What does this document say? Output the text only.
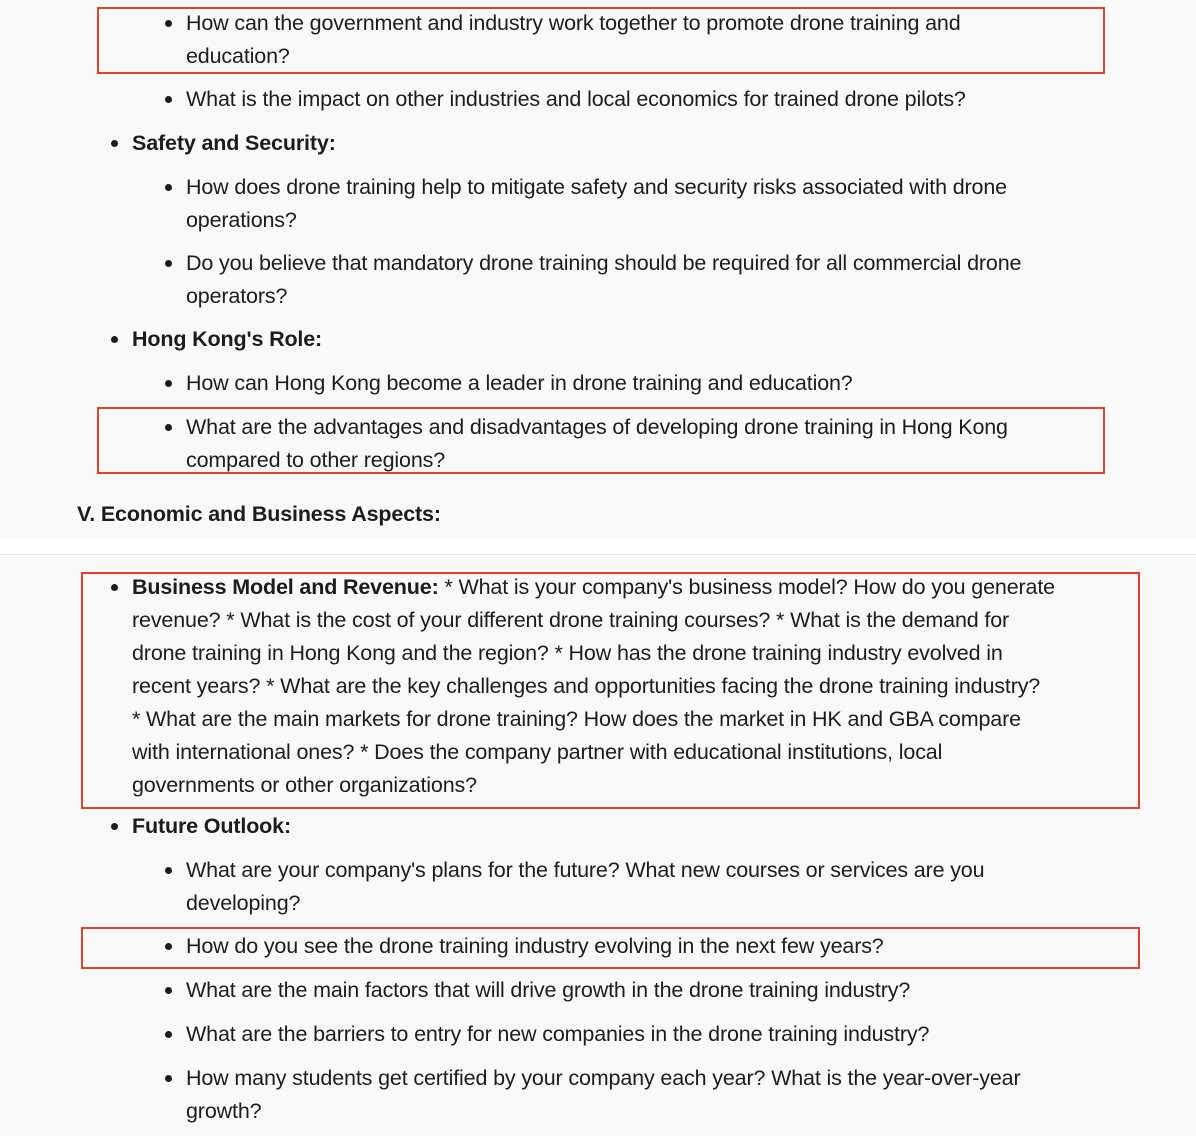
How can the government and industry work together to promote drone training and
education?
What is the impact on other industries and local economics for trained drone pilots?
Safety and Security:
How does drone training help to mitigate safety and security risks associated with drone
operations?
Do you believe that mandatory drone training should be required for all commercial drone
operators?
Hong Kong's Role:
How can Hong Kong become a leader in drone training and education?
What are the advantages and disadvantages of developing drone training in Hong Kong
compared to other regions?
V. Economic and Business Aspects:
Business Model and Revenue: * What is your company's business model? How do you generate
revenue? * What is the cost of your different drone training courses? * What is the demand for
drone training in Hong Kong and the region? * How has the drone training industry evolved in
recent years? * What are the key challenges and opportunities facing the drone training industry?
* What are the main markets for drone training? How does the market in HK and GBA compare
with international ones? * Does the company partner with educational institutions, local
governments or other organizations?
Future Outlook:
What are your company's plans for the future? What new courses or services are you
developing?
How do you see the drone training industry evolving in the next few years?
What are the main factors that will drive growth in the drone training industry?
What are the barriers to entry for new companies in the drone training industry?
How many students get certified by your company each year? What is the year-over-year
growth?
